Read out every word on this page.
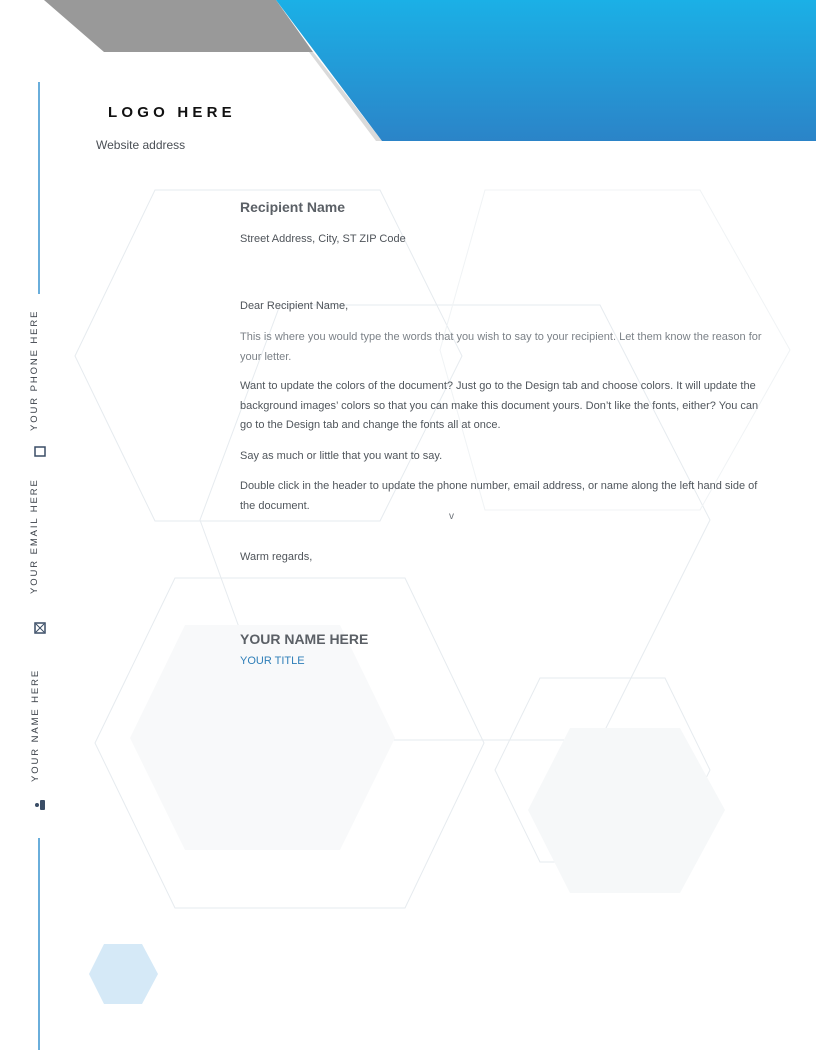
LOGO HERE
Website address
YOUR PHONE HERE
YOUR EMAIL HERE
YOUR NAME HERE
Recipient Name
Street Address, City, ST ZIP Code
Dear Recipient Name,

This is where you would type the words that you wish to say to your recipient. Let them know the reason for your letter.

Want to update the colors of the document? Just go to the Design tab and choose colors. It will update the background images’ colors so that you can make this document yours. Don’t like the fonts, either? You can go to the Design tab and change the fonts all at once.

Say as much or little that you want to say.

Double click in the header to update the phone number, email address, or name along the left hand side of the document.

v
Warm regards,
YOUR NAME HERE
YOUR TITLE
